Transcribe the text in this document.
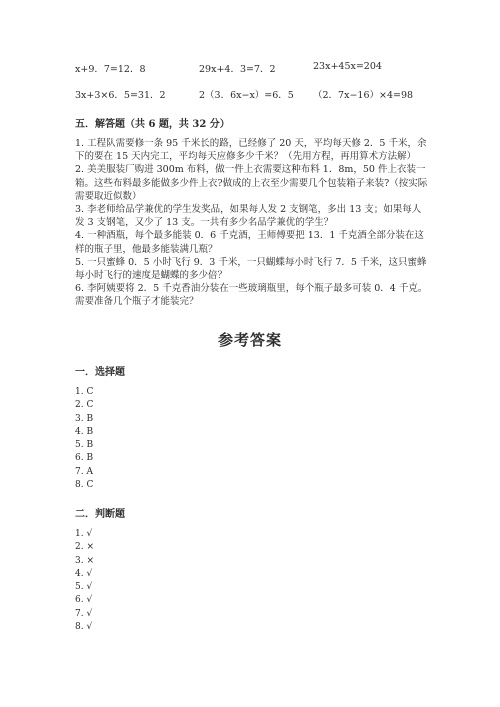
x+9．7=12．8	29x+4．3=7．2	23x+45x=204
3x+3×6．5=31．2	2（3．6x−x）=6．5 （2．7x−16）×4=98
五．解答题（共 6 题，共 32 分）

1. 工程队需要修一条 95 千米长的路，已经修了 20 天，平均每天修 2．5 千米，余下的要在 15 天内完工，平均每天应修多少千米？（先用方程，再用算术方法解）

2. 美美服装厂购进 300m 布料，做一件上衣需要这种布料 1．8m，50 件上衣装一箱。这些布料最多能做多少件上衣?做成的上衣至少需要几个包装箱子来装?（按实际需要取近似数）

3. 李老师给品学兼优的学生发奖品，如果每人发 2 支钢笔，多出 13 支；如果每人发 3 支钢笔，又少了 13 支。一共有多少名品学兼优的学生？

4. 一种酒瓶，每个最多能装 0．6 千克酒，王师傅要把 13．1 千克酒全部分装在这样的瓶子里，他最多能装满几瓶？

5. 一只蜜蜂 0．5 小时飞行 9．3 千米，一只蝴蝶每小时飞行 7．5 千米，这只蜜蜂每小时飞行的速度是蝴蝶的多少倍？

6. 李阿姨要将 2．5 千克香油分装在一些玻璃瓶里，每个瓶子最多可装 0．4 千克。需要准备几个瓶子才能装完？

参考答案
一．选择题
1. C
2. C
3. B
4. B
5. B
6. B
7. A
8. C
二．判断题
1. √
2. ×
3. ×
4. √
5. √
6. √
7. √
8. √
